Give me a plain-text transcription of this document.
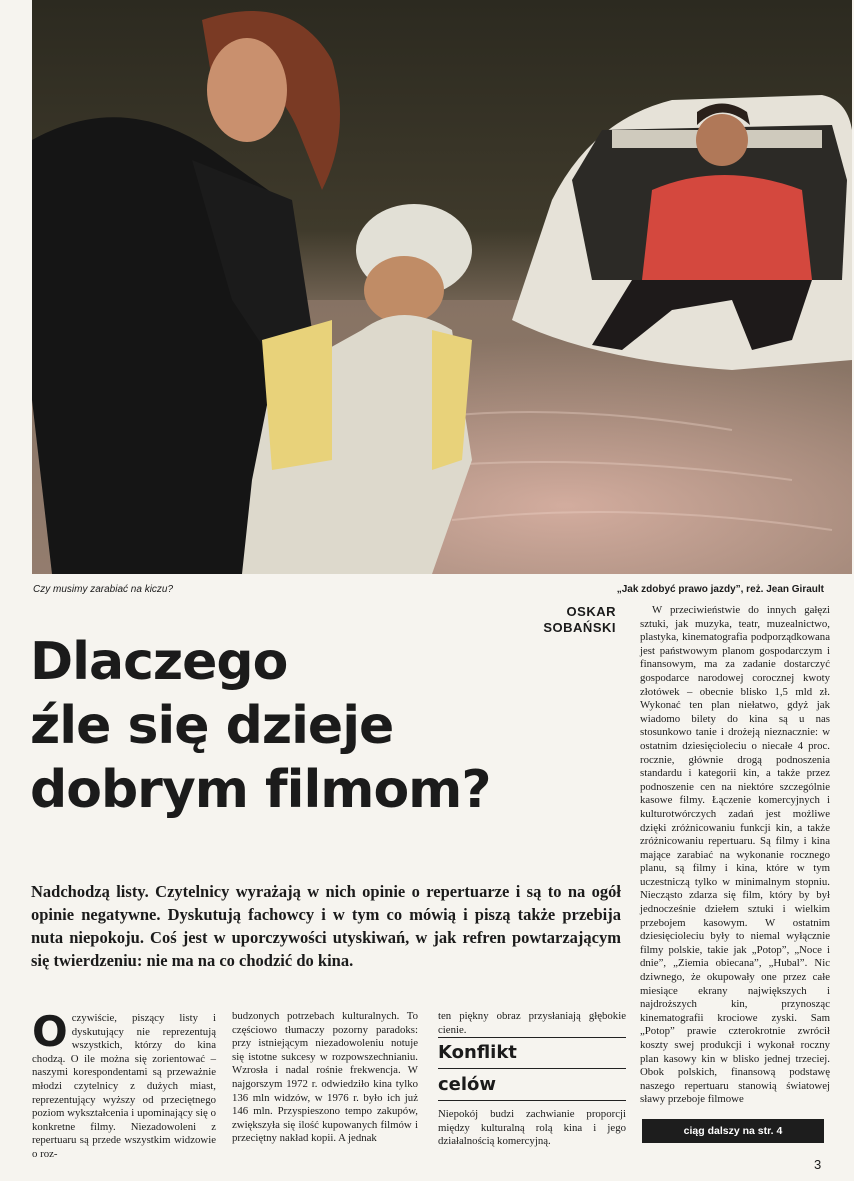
Czy musimy zarabiać na kiczu?	„Jak zdobyć prawo jazdy”, reż. Jean Girault
OSKAR
SOBAŃSKI
Dlaczego
źle się dzieje
dobrym filmom?

Nadchodzą listy. Czytelnicy wyrażają w nich opinie o repertuarze i są to na ogół opinie negatywne. Dyskutują fachowcy i w tym co mówią i piszą także przebija nuta niepokoju. Coś jest w uporczywości utyskiwań, w jak refren powtarzającym się twierdzeniu: nie ma na co chodzić do kina.

Oczywiście, piszący listy i dyskutujący nie reprezentują wszystkich, którzy do kina chodzą. O ile można się zorientować – naszymi korespondentami są przeważnie młodzi czytelnicy z dużych miast, reprezentujący wyższy od przeciętnego poziom wykształcenia i upominający się o konkretne filmy. Niezadowoleni z repertuaru są przede wszystkim widzowie o roz-

budzonych potrzebach kulturalnych. To częściowo tłumaczy pozorny paradoks: przy istniejącym niezadowoleniu notuje się istotne sukcesy w rozpowszechnianiu. Wzrosła i nadal rośnie frekwencja. W najgorszym 1972 r. odwiedziło kina tylko 136 mln widzów, w 1976 r. było ich już 146 mln. Przyspieszono tempo zakupów, zwiększyła się ilość kupowanych filmów i przeciętny nakład kopii. A jednak

ten piękny obraz przysłaniają głębokie cienie.

Konflikt
celów

Niepokój budzi zachwianie proporcji między kulturalną rolą kina i jego działalnością komercyjną.

W przeciwieństwie do innych gałęzi sztuki, jak muzyka, teatr, muzealnictwo, plastyka, kinematografia podporządkowana jest państwowym planom gospodarczym i finansowym, ma za zadanie dostarczyć gospodarce narodowej corocznej kwoty złotówek – obecnie blisko 1,5 mld zł. Wykonać ten plan niełatwo, gdyż jak wiadomo bilety do kina są u nas stosunkowo tanie i drożeją nieznacznie: w ostatnim dziesięcioleciu o niecałe 4 proc. rocznie, głównie drogą podnoszenia standardu i kategorii kin, a także przez podnoszenie cen na niektóre szczególnie kasowe filmy. Łączenie komercyjnych i kulturotwórczych zadań jest możliwe dzięki zróżnicowaniu funkcji kin, a także zróżnicowaniu repertuaru. Są filmy i kina mające zarabiać na wykonanie rocznego planu, są filmy i kina, które w tym uczestniczą tylko w minimalnym stopniu. Niecząsto zdarza się film, który by był jednocześnie dziełem sztuki i wielkim przebojem kasowym. W ostatnim dziesięcioleciu były to niemal wyłącznie filmy polskie, takie jak „Potop”, „Noce i dnie”, „Ziemia obiecana”, „Hubal”. Nic dziwnego, że okupowały one przez całe miesiące ekrany największych i najdroższych kin, przynosząc kinematografii krociowe zyski. Sam „Potop” prawie czterokrotnie zwrócił koszty swej produkcji i wykonał roczny plan kasowy kin w blisko jednej trzeciej. Obok polskich, finansową podstawę naszego repertuaru stanowią światowej sławy przeboje filmowe

ciąg dalszy na str. 4
3
